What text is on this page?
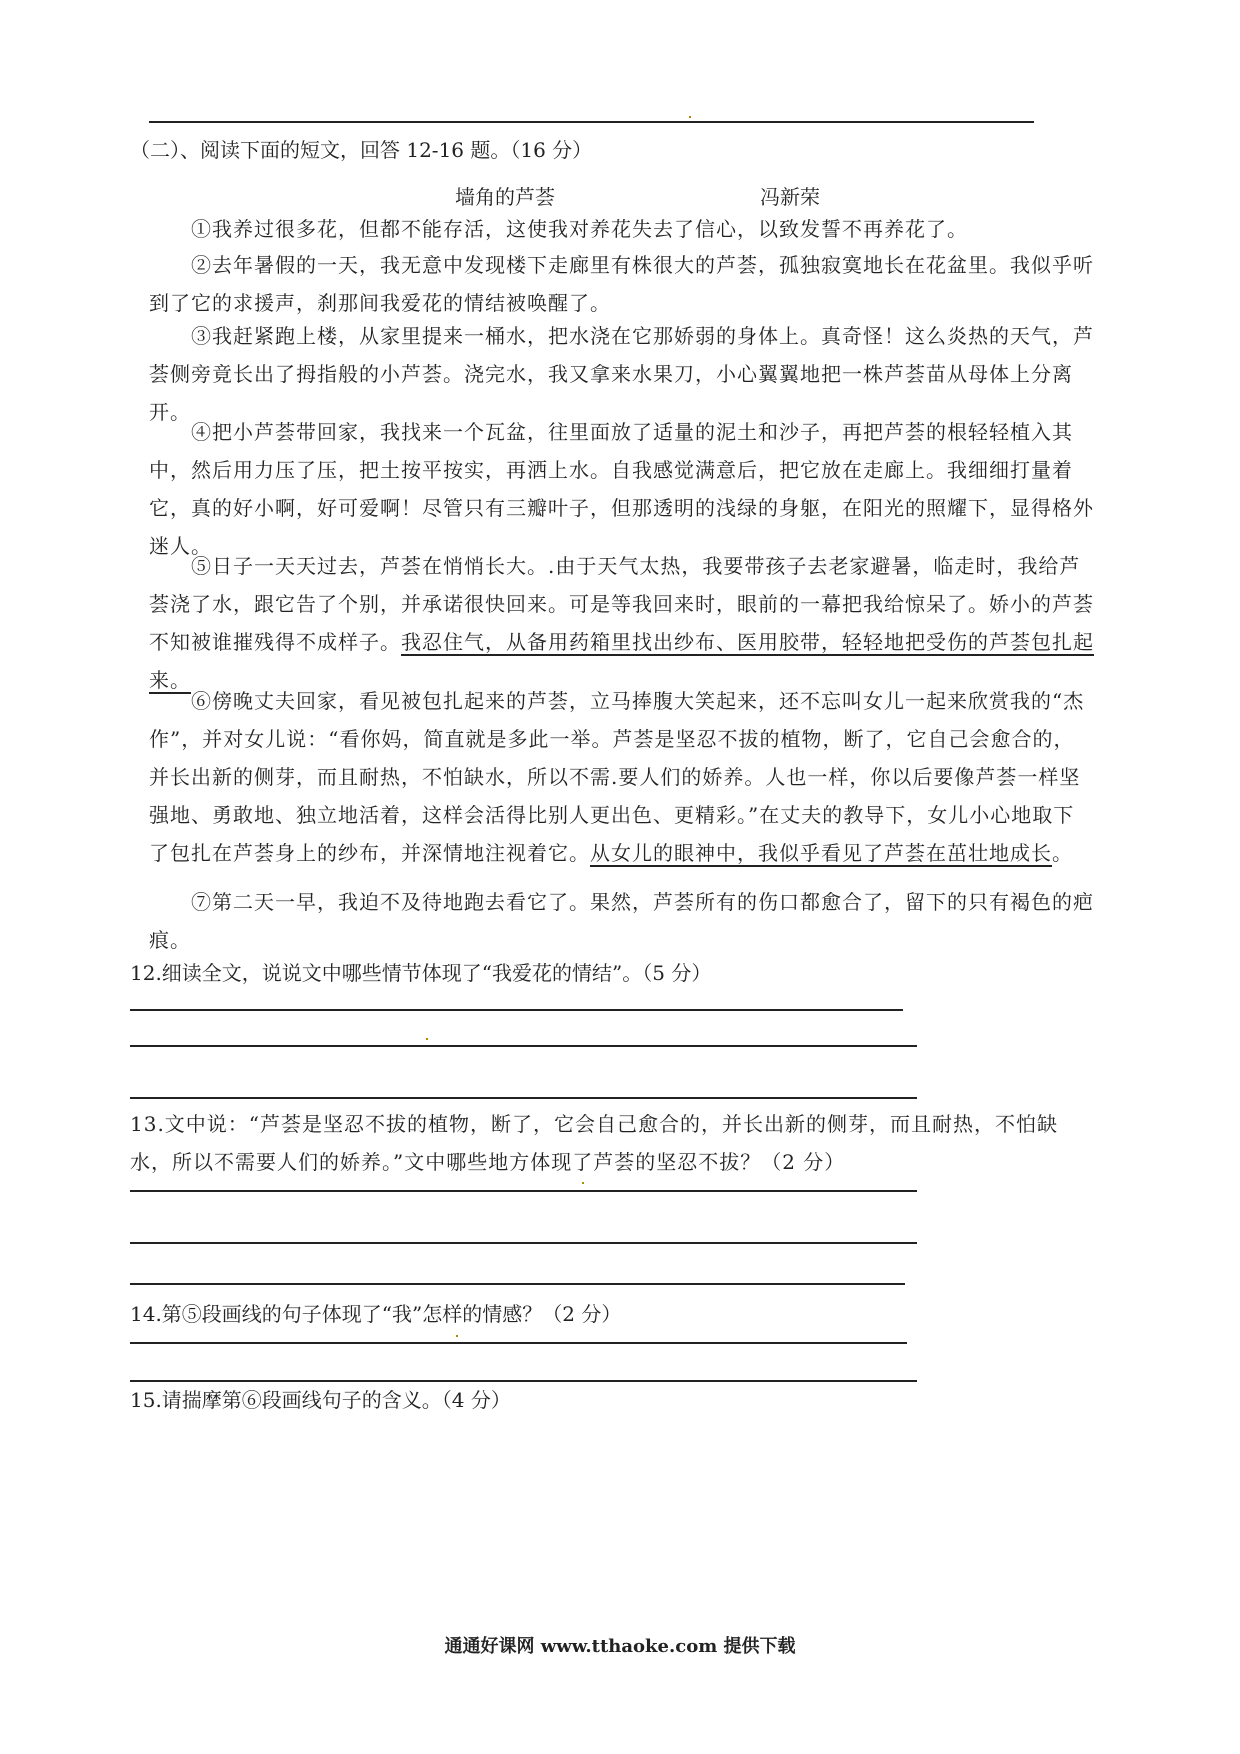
（二）、阅读下面的短文，回答 12-16 题。（16 分）
墙角的芦荟	冯新荣
①我养过很多花，但都不能存活，这使我对养花失去了信心，以致发誓不再养花了。
②去年暑假的一天，我无意中发现楼下走廊里有株很大的芦荟，孤独寂寞地长在花盆里。我似乎听到了它的求援声，刹那间我爱花的情结被唤醒了。
③我赶紧跑上楼，从家里提来一桶水，把水浇在它那娇弱的身体上。真奇怪！这么炎热的天气，芦荟侧旁竟长出了拇指般的小芦荟。浇完水，我又拿来水果刀，小心翼翼地把一株芦荟苗从母体上分离开。
④把小芦荟带回家，我找来一个瓦盆，往里面放了适量的泥土和沙子，再把芦荟的根轻轻植入其中，然后用力压了压，把土按平按实，再洒上水。自我感觉满意后，把它放在走廊上。我细细打量着它，真的好小啊，好可爱啊！尽管只有三瓣叶子，但那透明的浅绿的身躯，在阳光的照耀下，显得格外迷人。
⑤日子一天天过去，芦荟在悄悄长大。.由于天气太热，我要带孩子去老家避暑，临走时，我给芦荟浇了水，跟它告了个别，并承诺很快回来。可是等我回来时，眼前的一幕把我给惊呆了。娇小的芦荟不知被谁摧残得不成样子。我忍住气，从备用药箱里找出纱布、医用胶带，轻轻地把受伤的芦荟包扎起来。
⑥傍晚丈夫回家，看见被包扎起来的芦荟，立马捧腹大笑起来，还不忘叫女儿一起来欣赏我的“杰作”，并对女儿说：“看你妈，简直就是多此一举。芦荟是坚忍不拔的植物，断了，它自己会愈合的，并长出新的侧芽，而且耐热，不怕缺水，所以不需.要人们的娇养。人也一样，你以后要像芦荟一样坚强地、勇敢地、独立地活着，这样会活得比别人更出色、更精彩。”在丈夫的教导下，女儿小心地取下了包扎在芦荟身上的纱布，并深情地注视着它。从女儿的眼神中，我似乎看见了芦荟在茁壮地成长。
⑦第二天一早，我迫不及待地跑去看它了。果然，芦荟所有的伤口都愈合了，留下的只有褐色的疤痕。
12.细读全文，说说文中哪些情节体现了“我爱花的情结”。（5 分）
13.文中说：“芦荟是坚忍不拔的植物，断了，它会自己愈合的，并长出新的侧芽，而且耐热，不怕缺水，所以不需要人们的娇养。”文中哪些地方体现了芦荟的坚忍不拔？（2 分）
14.第⑤段画线的句子体现了“我”怎样的情感？（2 分）
15.请揣摩第⑥段画线句子的含义。（4 分）
通通好课网 www.tthaoke.com 提供下载
